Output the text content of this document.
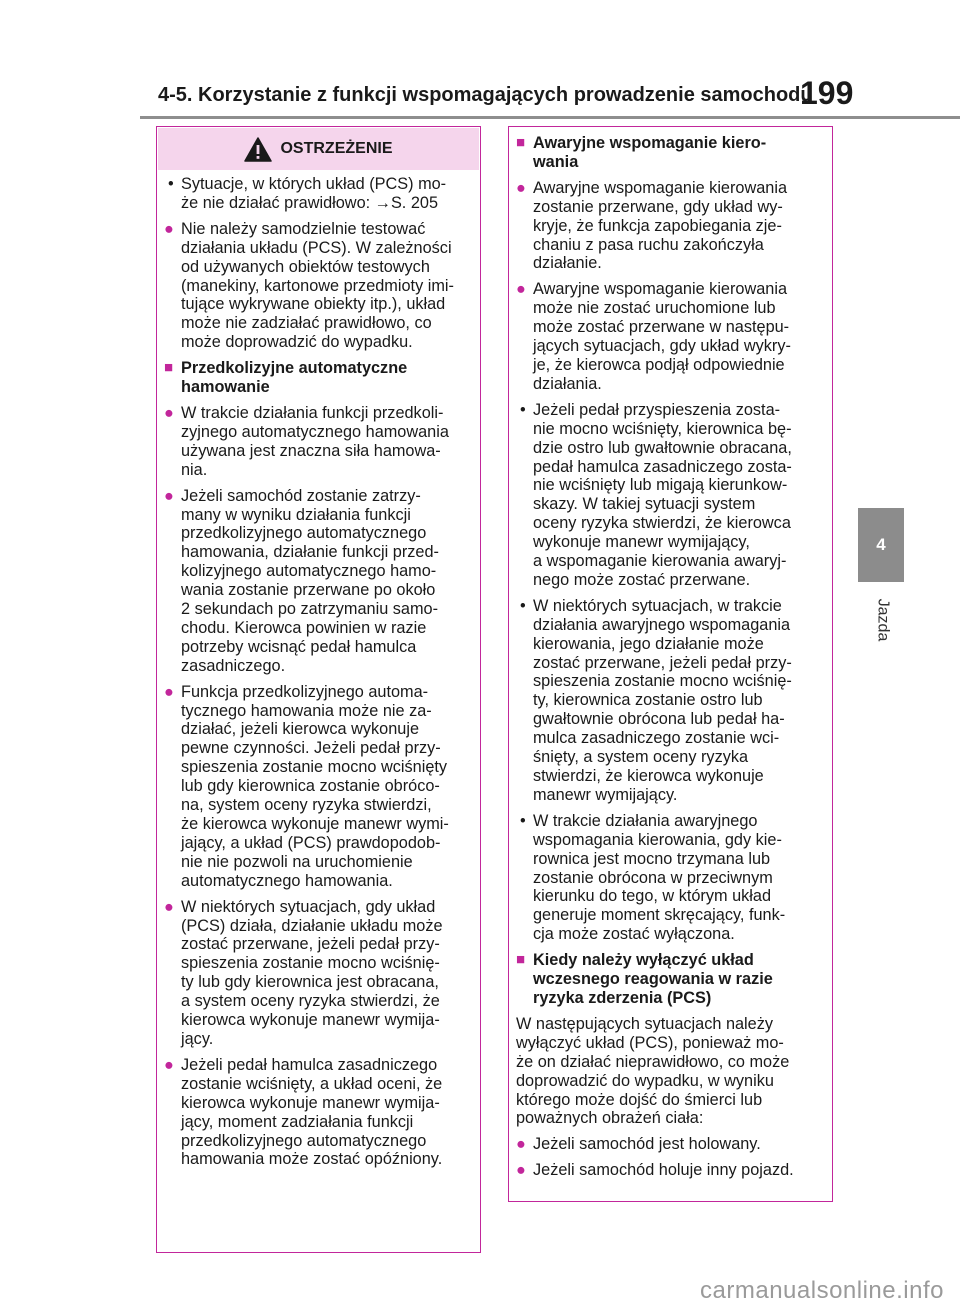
4-5. Korzystanie z funkcji wspomagających prowadzenie samochodu
199
4
Jazda
OSTRZEŻENIE
• Sytuacje, w których układ (PCS) mo-
że nie działać prawidłowo: →S. 205
● Nie należy samodzielnie testować
działania układu (PCS). W zależności
od używanych obiektów testowych
(manekiny, kartonowe przedmioty imi-
tujące wykrywane obiekty itp.), układ
może nie zadziałać prawidłowo, co
może doprowadzić do wypadku.
■ Przedkolizyjne automatyczne
hamowanie
● W trakcie działania funkcji przedkoli-
zyjnego automatycznego hamowania
używana jest znaczna siła hamowa-
nia.
● Jeżeli samochód zostanie zatrzy-
many w wyniku działania funkcji
przedkolizyjnego automatycznego
hamowania, działanie funkcji przed-
kolizyjnego automatycznego hamo-
wania zostanie przerwane po około
2 sekundach po zatrzymaniu samo-
chodu. Kierowca powinien w razie
potrzeby wcisnąć pedał hamulca
zasadniczego.
● Funkcja przedkolizyjnego automa-
tycznego hamowania może nie za-
działać, jeżeli kierowca wykonuje
pewne czynności. Jeżeli pedał przy-
spieszenia zostanie mocno wciśnięty
lub gdy kierownica zostanie obróco-
na, system oceny ryzyka stwierdzi,
że kierowca wykonuje manewr wymi-
jający, a układ (PCS) prawdopodob-
nie nie pozwoli na uruchomienie
automatycznego hamowania.
● W niektórych sytuacjach, gdy układ
(PCS) działa, działanie układu może
zostać przerwane, jeżeli pedał przy-
spieszenia zostanie mocno wciśnię-
ty lub gdy kierownica jest obracana,
a system oceny ryzyka stwierdzi, że
kierowca wykonuje manewr wymija-
jący.
● Jeżeli pedał hamulca zasadniczego
zostanie wciśnięty, a układ oceni, że
kierowca wykonuje manewr wymija-
jący, moment zadziałania funkcji
przedkolizyjnego automatycznego
hamowania może zostać opóźniony.
■ Awaryjne wspomaganie kiero-
wania
● Awaryjne wspomaganie kierowania
zostanie przerwane, gdy układ wy-
kryje, że funkcja zapobiegania zje-
chaniu z pasa ruchu zakończyła
działanie.
● Awaryjne wspomaganie kierowania
może nie zostać uruchomione lub
może zostać przerwane w następu-
jących sytuacjach, gdy układ wykry-
je, że kierowca podjął odpowiednie
działania.
• Jeżeli pedał przyspieszenia zosta-
nie mocno wciśnięty, kierownica bę-
dzie ostro lub gwałtownie obracana,
pedał hamulca zasadniczego zosta-
nie wciśnięty lub migają kierunkow-
skazy. W takiej sytuacji system
oceny ryzyka stwierdzi, że kierowca
wykonuje manewr wymijający,
a wspomaganie kierowania awaryj-
nego może zostać przerwane.
• W niektórych sytuacjach, w trakcie
działania awaryjnego wspomagania
kierowania, jego działanie może
zostać przerwane, jeżeli pedał przy-
spieszenia zostanie mocno wciśnię-
ty, kierownica zostanie ostro lub
gwałtownie obrócona lub pedał ha-
mulca zasadniczego zostanie wci-
śnięty, a system oceny ryzyka
stwierdzi, że kierowca wykonuje
manewr wymijający.
• W trakcie działania awaryjnego
wspomagania kierowania, gdy kie-
rownica jest mocno trzymana lub
zostanie obrócona w przeciwnym
kierunku do tego, w którym układ
generuje moment skręcający, funk-
cja może zostać wyłączona.
■ Kiedy należy wyłączyć układ
wczesnego reagowania w razie
ryzyka zderzenia (PCS)
W następujących sytuacjach należy
wyłączyć układ (PCS), ponieważ mo-
że on działać nieprawidłowo, co może
doprowadzić do wypadku, w wyniku
którego może dojść do śmierci lub
poważnych obrażeń ciała:
● Jeżeli samochód jest holowany.
● Jeżeli samochód holuje inny pojazd.
carmanualsonline.info
